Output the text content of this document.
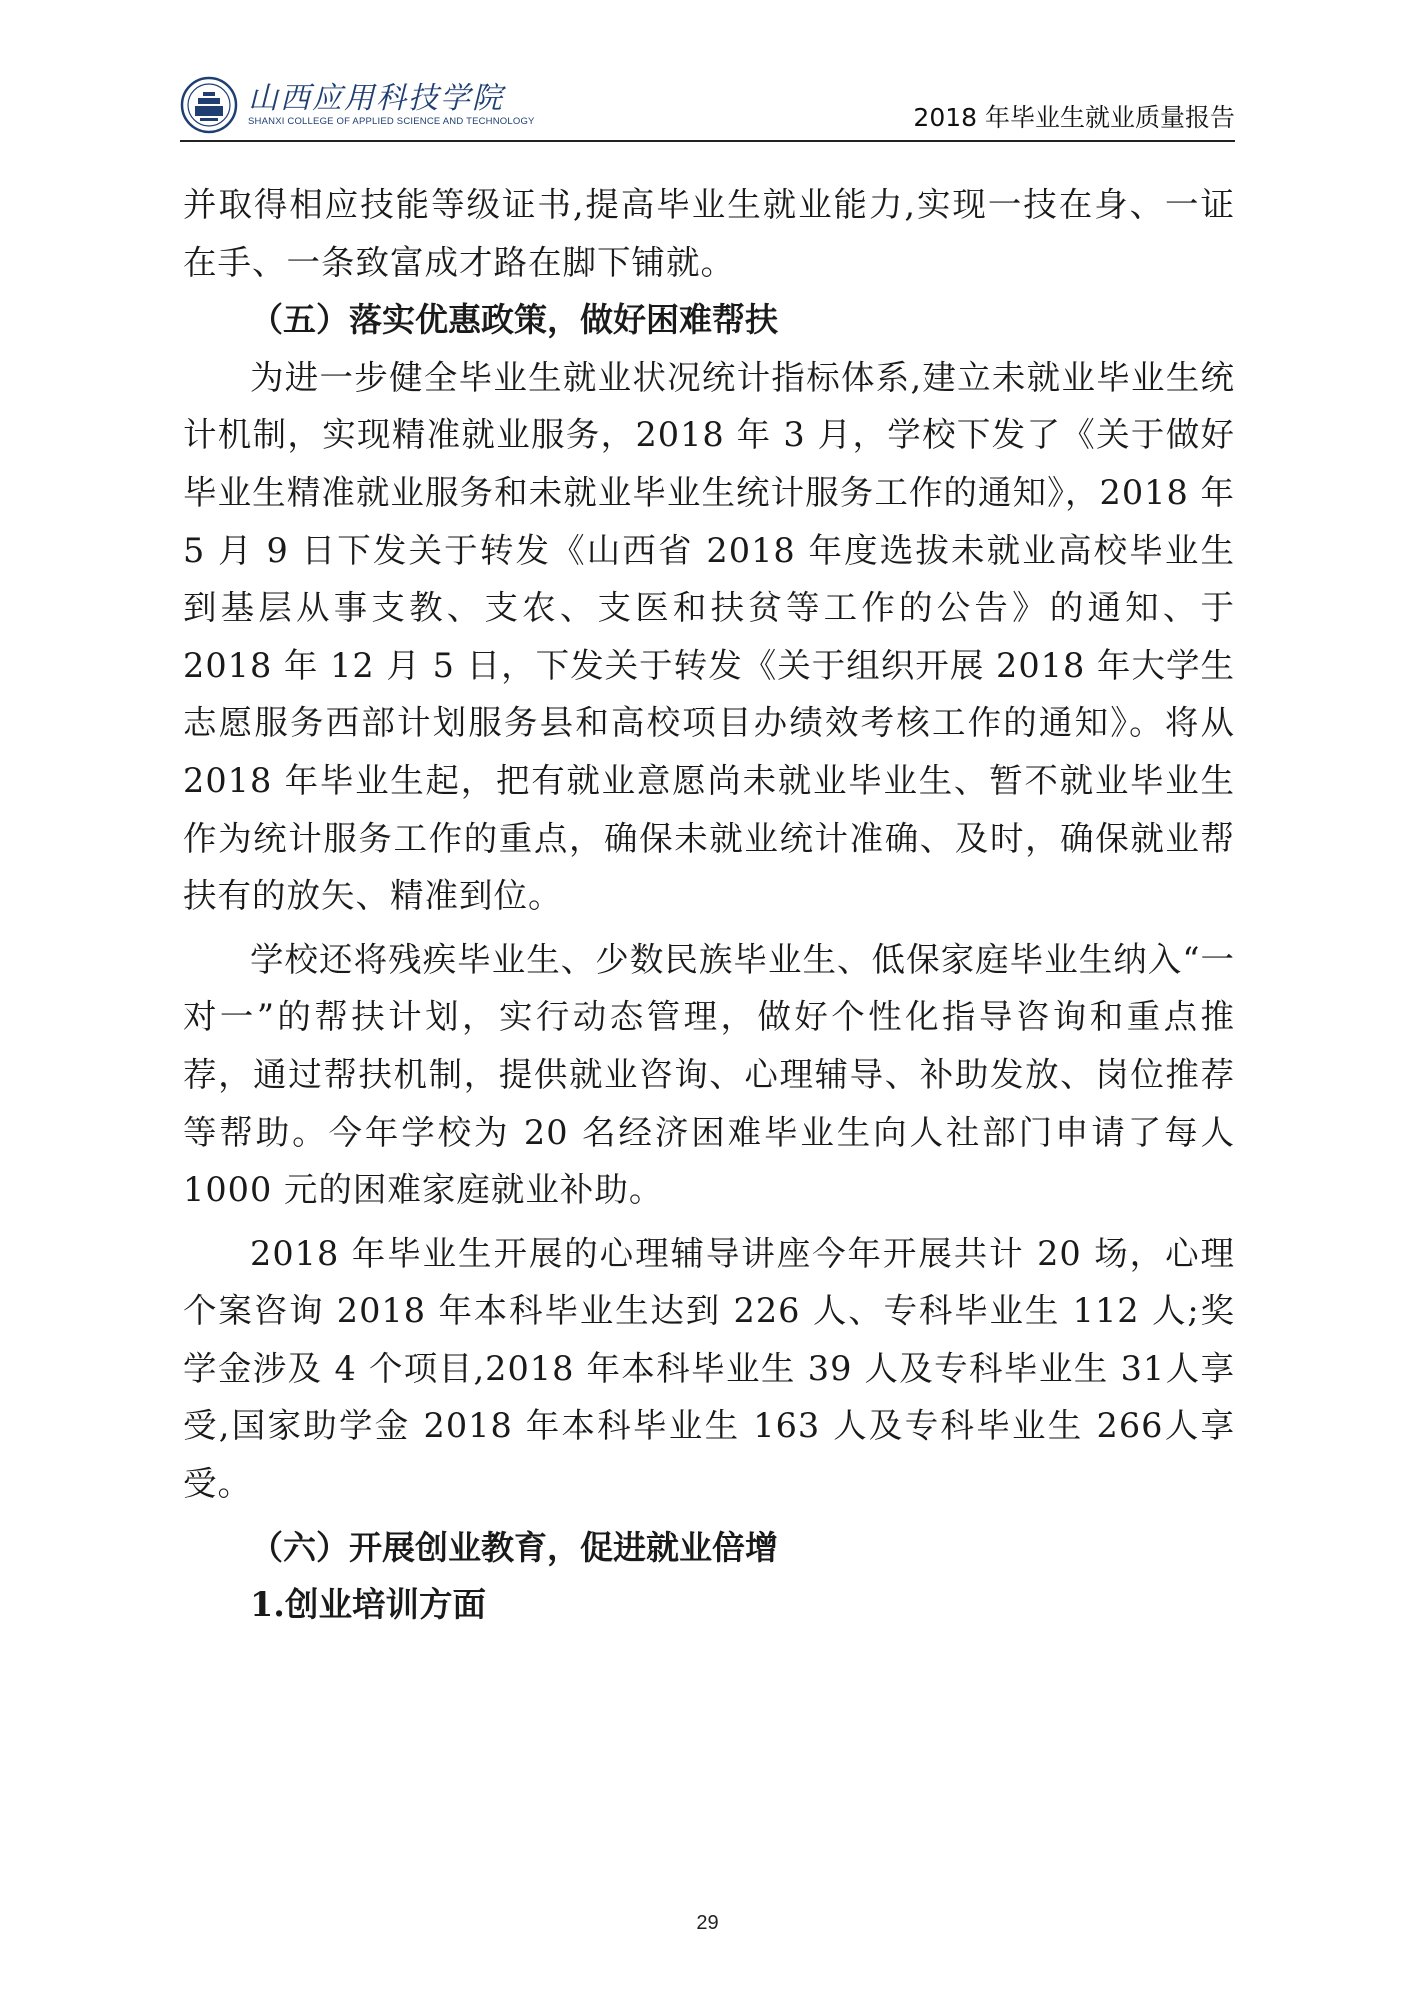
山西应用科技学院
SHANXI COLLEGE OF APPLIED SCIENCE AND TECHNOLOGY	2018 年毕业生就业质量报告

并取得相应技能等级证书,提高毕业生就业能力,实现一技在身、一证在手、一条致富成才路在脚下铺就。

（五）落实优惠政策，做好困难帮扶

为进一步健全毕业生就业状况统计指标体系,建立未就业毕业生统计机制，实现精准就业服务，2018 年 3 月，学校下发了《关于做好毕业生精准就业服务和未就业毕业生统计服务工作的通知》，2018 年 5 月 9 日下发关于转发《山西省 2018 年度选拔未就业高校毕业生到基层从事支教、支农、支医和扶贫等工作的公告》的通知、于 2018 年 12 月 5 日，下发关于转发《关于组织开展 2018 年大学生志愿服务西部计划服务县和高校项目办绩效考核工作的通知》。将从 2018 年毕业生起，把有就业意愿尚未就业毕业生、暂不就业毕业生作为统计服务工作的重点，确保未就业统计准确、及时，确保就业帮扶有的放矢、精准到位。

学校还将残疾毕业生、少数民族毕业生、低保家庭毕业生纳入“一对一”的帮扶计划，实行动态管理，做好个性化指导咨询和重点推荐，通过帮扶机制，提供就业咨询、心理辅导、补助发放、岗位推荐等帮助。今年学校为 20 名经济困难毕业生向人社部门申请了每人 1000 元的困难家庭就业补助。

2018 年毕业生开展的心理辅导讲座今年开展共计 20 场，心理个案咨询 2018 年本科毕业生达到 226 人、专科毕业生 112 人;奖学金涉及 4 个项目,2018 年本科毕业生 39 人及专科毕业生 31人享受,国家助学金 2018 年本科毕业生 163 人及专科毕业生 266人享受。

（六）开展创业教育，促进就业倍增

1.创业培训方面

29
